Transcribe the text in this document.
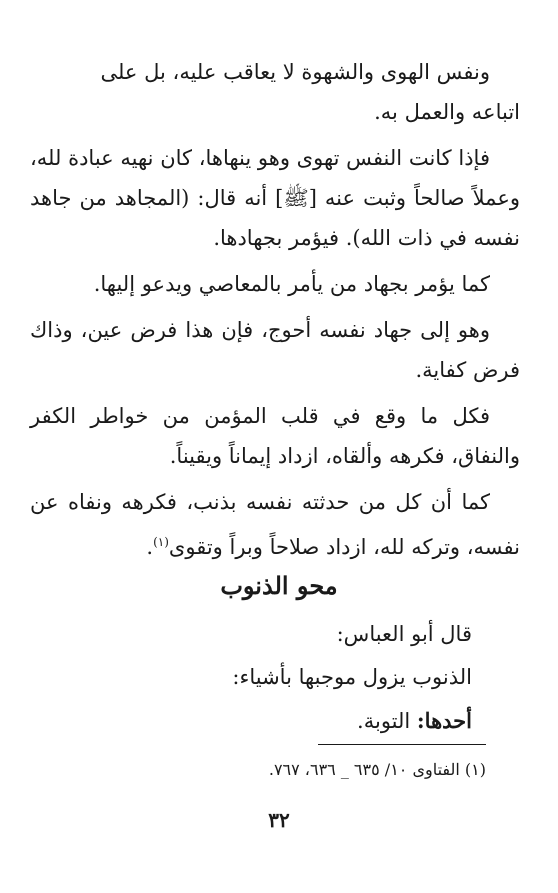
ونفس الهوى والشهوة لا يعاقب عليه، بل على

اتباعه والعمل به.

فإذا كانت النفس تهوى وهو ينهاها، كان نهيه عبادة لله، وعملاً صالحاً وثبت عنه [ﷺ] أنه قال: (المجاهد من جاهد نفسه في ذات الله). فيؤمر بجهادها.

كما يؤمر بجهاد من يأمر بالمعاصي ويدعو إليها.

وهو إلى جهاد نفسه أحوج، فإن هذا فرض عين، وذاك فرض كفاية.

فكل ما وقع في قلب المؤمن من خواطر الكفر والنفاق، فكرهه وألقاه، ازداد إيماناً ويقيناً.

كما أن كل من حدثته نفسه بذنب، فكرهه ونفاه عن نفسه، وتركه لله، ازداد صلاحاً وبراً وتقوى$^{(١)}$.

محو الذنوب

قال أبو العباس:

الذنوب يزول موجبها بأشياء:

أحدها: التوبة.

(١) الفتاوى ١٠/ ٦٣٥ _ ٦٣٦، ٧٦٧.
٣٢
